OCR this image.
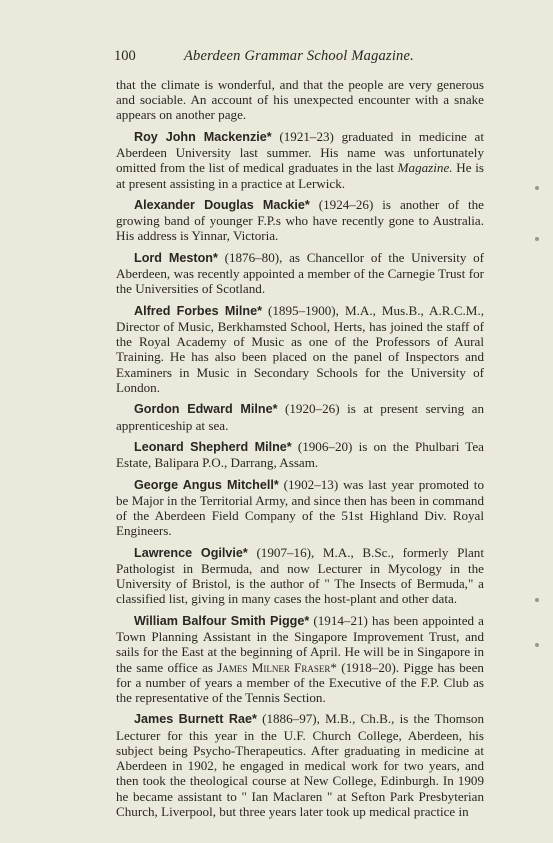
100	Aberdeen Grammar School Magazine.

that the climate is wonderful, and that the people are very generous and sociable. An account of his unexpected encounter with a snake appears on another page.

Roy John Mackenzie* (1921–23) graduated in medicine at Aberdeen University last summer. His name was unfortunately omitted from the list of medical graduates in the last Magazine. He is at present assisting in a practice at Lerwick.

Alexander Douglas Mackie* (1924–26) is another of the growing band of younger F.P.s who have recently gone to Australia. His address is Yinnar, Victoria.

Lord Meston* (1876–80), as Chancellor of the University of Aberdeen, was recently appointed a member of the Carnegie Trust for the Universities of Scotland.

Alfred Forbes Milne* (1895–1900), M.A., Mus.B., A.R.C.M., Director of Music, Berkhamsted School, Herts, has joined the staff of the Royal Academy of Music as one of the Professors of Aural Training. He has also been placed on the panel of Inspectors and Examiners in Music in Secondary Schools for the University of London.

Gordon Edward Milne* (1920–26) is at present serving an apprenticeship at sea.

Leonard Shepherd Milne* (1906–20) is on the Phulbari Tea Estate, Balipara P.O., Darrang, Assam.

George Angus Mitchell* (1902–13) was last year promoted to be Major in the Territorial Army, and since then has been in command of the Aberdeen Field Company of the 51st Highland Div. Royal Engineers.

Lawrence Ogilvie* (1907–16), M.A., B.Sc., formerly Plant Pathologist in Bermuda, and now Lecturer in Mycology in the University of Bristol, is the author of " The Insects of Bermuda," a classified list, giving in many cases the host-plant and other data.

William Balfour Smith Pigge* (1914–21) has been appointed a Town Planning Assistant in the Singapore Improvement Trust, and sails for the East at the beginning of April. He will be in Singapore in the same office as James Milner Fraser* (1918–20). Pigge has been for a number of years a member of the Executive of the F.P. Club as the representative of the Tennis Section.

James Burnett Rae* (1886–97), M.B., Ch.B., is the Thomson Lecturer for this year in the U.F. Church College, Aberdeen, his subject being Psycho-Therapeutics. After graduating in medicine at Aberdeen in 1902, he engaged in medical work for two years, and then took the theological course at New College, Edinburgh. In 1909 he became assistant to " Ian Maclaren " at Sefton Park Presbyterian Church, Liverpool, but three years later took up medical practice in
